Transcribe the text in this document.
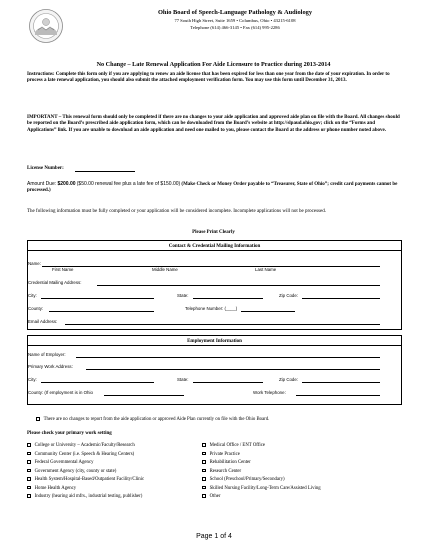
Ohio Board of Speech-Language Pathology & Audiology
77 South High Street, Suite 1659 • Columbus, Ohio • 43215-6108
Telephone (614) 466-3145 • Fax (614) 995-2286
No Change – Late Renewal Application For Aide Licensure to Practice during 2013-2014
Instructions: Complete this form only if you are applying to renew an aide license that has been expired for less than one year from the date of your expiration. In order to process a late renewal application, you should also submit the attached employment verification form. You may use this form until December 31, 2013.
IMPORTANT – This renewal form should only be completed if there are no changes to your aide application and approved aide plan on file with the Board. All changes should be reported on the Board’s prescribed aide application form, which can be downloaded from the Board’s website at http://slpaud.ohio.gov; click on the “Forms and Applications” link. If you are unable to download an aide application and need one mailed to you, please contact the Board at the address or phone number noted above.
License Number:
Amount Due: $200.00 ($50.00 renewal fee plus a late fee of $150.00) (Make Check or Money Order payable to “Treasurer, State of Ohio”; credit card payments cannot be processed.)
The following information must be fully completed or your application will be considered incomplete. Incomplete applications will not be processed.
Please Print Clearly
Contact & Credential Mailing Information
Name:
First Name	Middle Name	Last Name
Credential Mailing Address:
City:	State:	Zip Code:
County:	Telephone Number: (____)
Email Address:
Employment Information
Name of Employer:
Primary Work Address:
City:	State:	Zip Code:
County: (If employment is in Ohio	Work Telephone:
There are no changes to report from the aide application or approved Aide Plan currently on file with the Ohio Board.
Please check your primary work setting
College or University – Academic/Faculty/Research
Community Center (i.e. Speech & Hearing Centers)
Federal Governmental Agency
Government Agency (city, county or state)
Health System/Hospital-Based/Outpatient Facility/Clinic
Home Health Agency
Industry (hearing aid mfrs., industrial testing, publisher)
Medical Office / ENT Office
Private Practice
Rehabilitation Center
Research Center
School (Preschool/Primary/Secondary)
Skilled Nursing Facility/Long-Term Care/Assisted Living
Other
Page 1 of 4
